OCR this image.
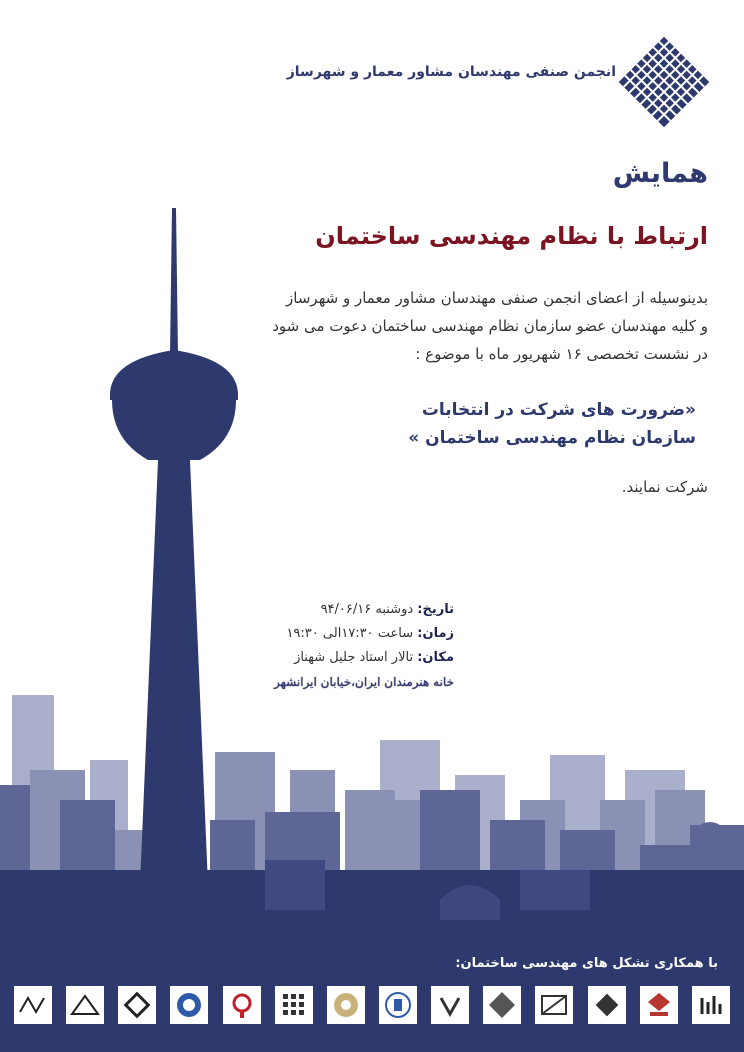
انجمن صنفی مهندسان مشاور معمار و شهرساز
همایش
ارتباط با نظام مهندسی ساختمان
بدینوسیله از اعضای انجمن صنفی مهندسان مشاور معمار و شهرساز
و کلیه مهندسان عضو سازمان نظام مهندسی ساختمان دعوت می شود
در نشست تخصصی ۱۶ شهریور ماه با موضوع :
«ضرورت های شرکت در انتخابات
سازمان نظام مهندسی ساختمان »
شرکت نمایند.
تاریخ: دوشنبه ۹۴/۰۶/۱۶
زمان: ساعت ۱۷:۳۰الی ۱۹:۳۰
مکان: تالار استاد جلیل شهناز
خانه هنرمندان ایران،خیابان ایرانشهر
با همکاری تشکل های مهندسی ساختمان:
